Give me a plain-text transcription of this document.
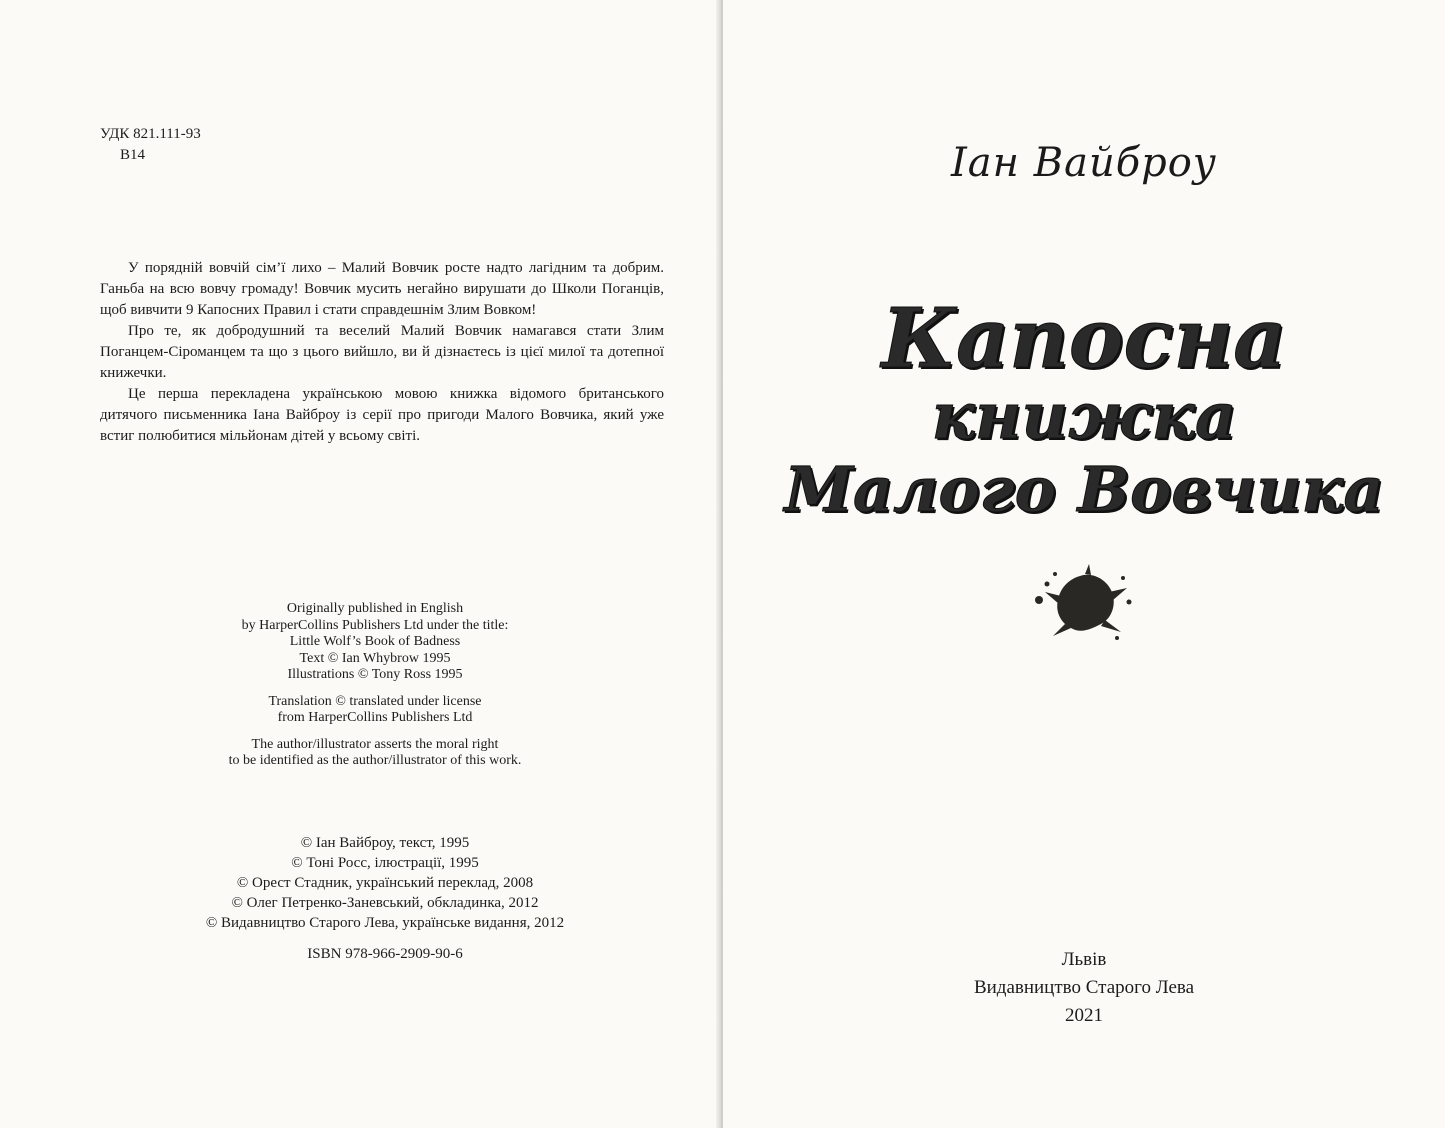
УДК 821.111-93
В14

У порядній вовчій сім’ї лихо – Малий Вовчик росте надто лагідним та добрим. Ганьба на всю вовчу громаду! Вовчик мусить негайно вирушати до Школи Поганців, щоб вивчити 9 Капосних Правил і стати справдешнім Злим Вовком!

Про те, як добродушний та веселий Малий Вовчик намагався стати Злим Поганцем-Сіроманцем та що з цього вийшло, ви й дізнаєтесь із цієї милої та дотепної книжечки.

Це перша перекладена українською мовою книжка відомого британського дитячого письменника Іана Вайброу із серії про пригоди Малого Вовчика, який уже встиг полюбитися мільйонам дітей у всьому світі.

Originally published in English
by HarperCollins Publishers Ltd under the title:
Little Wolf’s Book of Badness
Text © Ian Whybrow 1995
Illustrations © Tony Ross 1995
Translation © translated under license
from HarperCollins Publishers Ltd
The author/illustrator asserts the moral right
to be identified as the author/illustrator of this work.
© Іан Вайброу, текст, 1995
© Тоні Росс, ілюстрації, 1995
© Орест Стадник, український переклад, 2008
© Олег Петренко-Заневський, обкладинка, 2012
© Видавництво Старого Лева, українське видання, 2012
ISBN 978-966-2909-90-6
Іан Вайброу
Капосна
книжка
Малого Вовчика
Львів
Видавництво Старого Лева
2021
